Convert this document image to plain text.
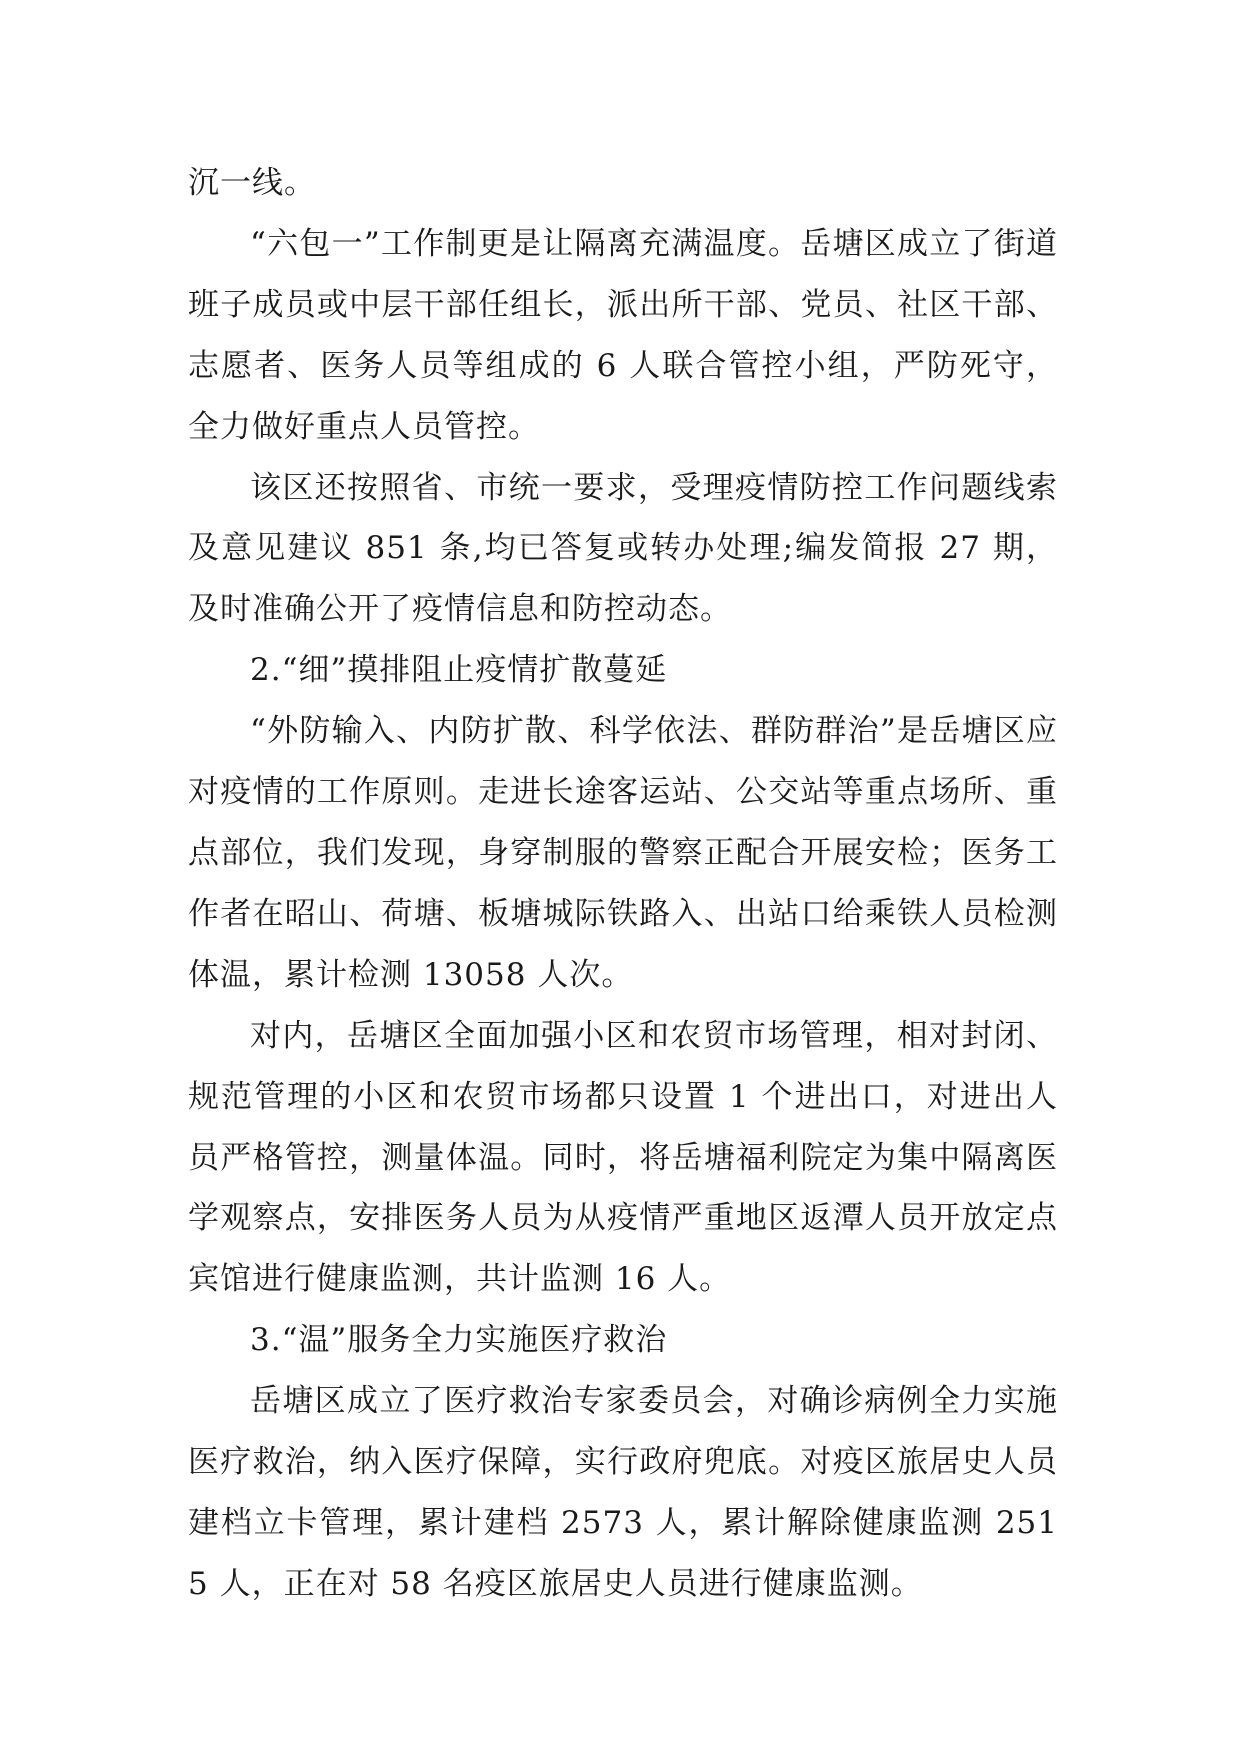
沉一线。

“六包一”工作制更是让隔离充满温度。岳塘区成立了街道班子成员或中层干部任组长，派出所干部、党员、社区干部、志愿者、医务人员等组成的 6 人联合管控小组，严防死守，全力做好重点人员管控。

该区还按照省、市统一要求，受理疫情防控工作问题线索及意见建议 851 条,均已答复或转办处理;编发简报 27 期，及时准确公开了疫情信息和防控动态。

2.“细”摸排阻止疫情扩散蔓延

“外防输入、内防扩散、科学依法、群防群治”是岳塘区应对疫情的工作原则。走进长途客运站、公交站等重点场所、重点部位，我们发现，身穿制服的警察正配合开展安检；医务工作者在昭山、荷塘、板塘城际铁路入、出站口给乘铁人员检测体温，累计检测 13058 人次。

对内，岳塘区全面加强小区和农贸市场管理，相对封闭、规范管理的小区和农贸市场都只设置 1 个进出口，对进出人员严格管控，测量体温。同时，将岳塘福利院定为集中隔离医学观察点，安排医务人员为从疫情严重地区返潭人员开放定点宾馆进行健康监测，共计监测 16 人。

3.“温”服务全力实施医疗救治

岳塘区成立了医疗救治专家委员会，对确诊病例全力实施医疗救治，纳入医疗保障，实行政府兜底。对疫区旅居史人员建档立卡管理，累计建档 2573 人，累计解除健康监测 2515 人，正在对 58 名疫区旅居史人员进行健康监测。
